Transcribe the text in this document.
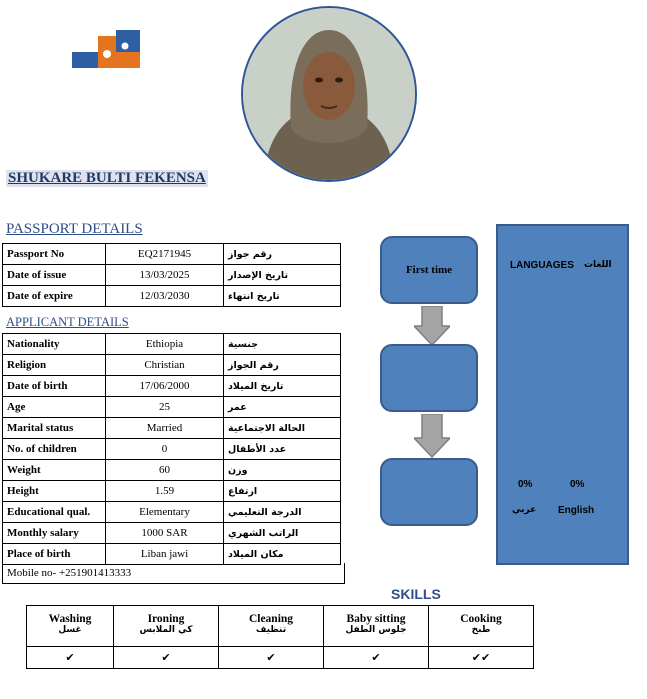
SHUKARE BULTI FEKENSA
PASSPORT DETAILS
Passport No	EQ2171945	رقم جواز
Date of issue	13/03/2025	تاريخ الإصدار
Date of expire	12/03/2030	تاريخ انتهاء
APPLICANT DETAILS
Nationality	Ethiopia	جنسية
Religion	Christian	رقم الجواز
Date of birth	17/06/2000	تاريخ الميلاد
Age	25	عمر
Marital status	Married	الحالة الاجتماعية
No. of children	0	عدد الأطفال
Weight	60	وزن
Height	1.59	ارتفاع
Educational qual.	Elementary	الدرجة التعليمي
Monthly salary	1000 SAR	الراتب الشهري
Place of birth	Liban jawi	مكان الميلاد
Mobile no- +251901413333
First time	LANGUAGES اللغات
0%	0%
عربي English
SKILLS
Washing	Ironing	Cleaning	Baby sitting	Cooking
غسل	كي الملابس	تنظيف	جلوس الطفل	طبخ
✔	✔	✔	✔	✔✔
